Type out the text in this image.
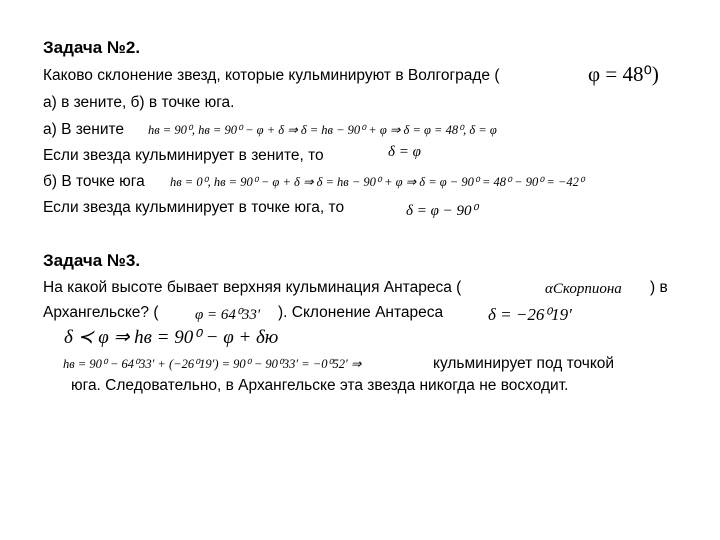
Задача №2.
Каково склонение звезд, которые кульминируют в Волгограде (	φ = 48⁰)
а) в зените, б) в точке юга.
а) В зените hв = 90⁰, hв = 90⁰ − φ + δ ⇒ δ = hв − 90⁰ + φ ⇒ δ = φ = 48⁰, δ = φ
Если звезда кульминирует в зените, то	δ = φ
б) В точке юга hв = 0⁰, hв = 90⁰ − φ + δ ⇒ δ = hв − 90⁰ + φ ⇒ δ = φ − 90⁰ = 48⁰ − 90⁰ = −42⁰
Если звезда кульминирует в точке юга, то	δ = φ − 90⁰
Задача №3.
На какой высоте бывает верхняя кульминация Антареса (	αСкорпиона ) в
Архангельске? ( φ = 64⁰33′ ). Склонение Антареса	δ = −26⁰19′
δ ≺ φ ⇒ hв = 90⁰ − φ + δю
hв = 90⁰ − 64⁰33′ + (−26⁰19′) = 90⁰ − 90⁰33′ = −0⁰52′ ⇒	кульминирует под точкой
юга. Следовательно, в Архангельске эта звезда никогда не восходит.
